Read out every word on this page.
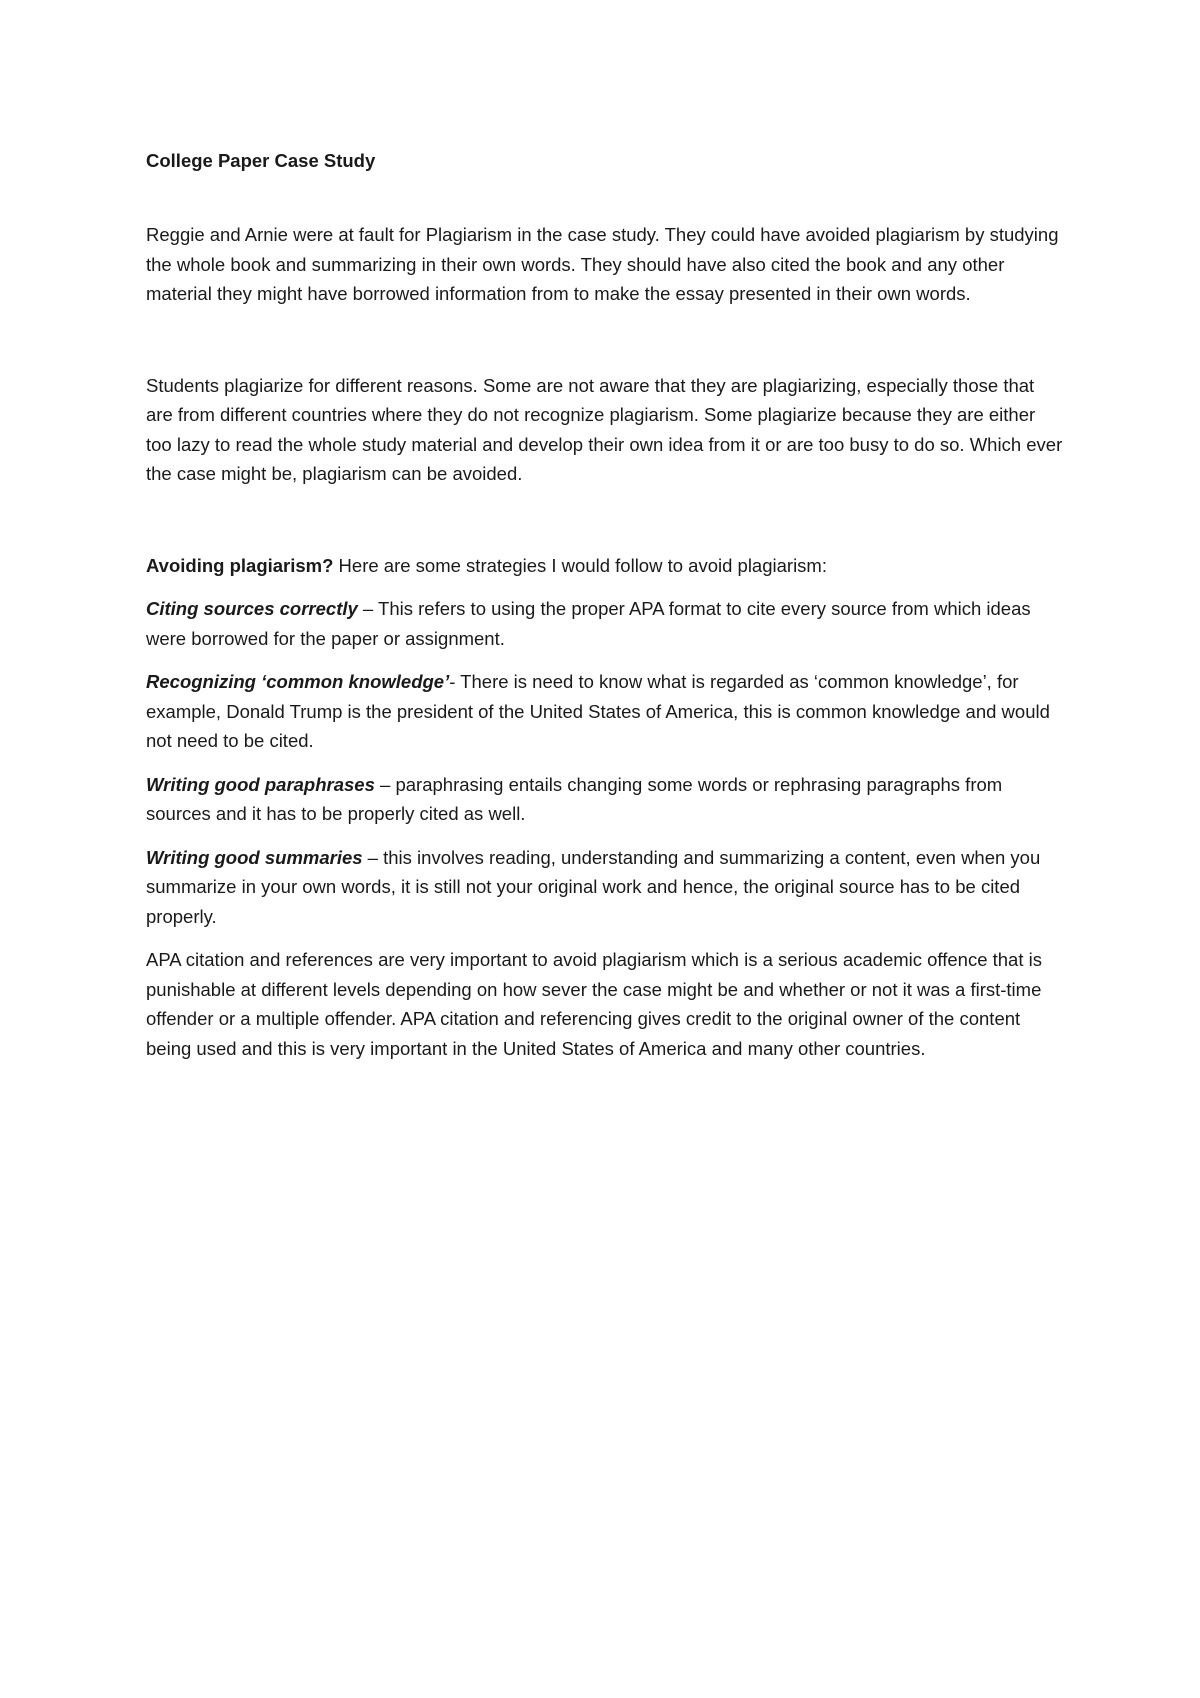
College Paper Case Study

Reggie and Arnie were at fault for Plagiarism in the case study. They could have avoided plagiarism by studying the whole book and summarizing in their own words. They should have also cited the book and any other material they might have borrowed information from to make the essay presented in their own words.

Students plagiarize for different reasons. Some are not aware that they are plagiarizing, especially those that are from different countries where they do not recognize plagiarism. Some plagiarize because they are either too lazy to read the whole study material and develop their own idea from it or are too busy to do so. Which ever the case might be, plagiarism can be avoided.

Avoiding plagiarism? Here are some strategies I would follow to avoid plagiarism:

Citing sources correctly – This refers to using the proper APA format to cite every source from which ideas were borrowed for the paper or assignment.

Recognizing ‘common knowledge’- There is need to know what is regarded as ‘common knowledge’, for example, Donald Trump is the president of the United States of America, this is common knowledge and would not need to be cited.

Writing good paraphrases – paraphrasing entails changing some words or rephrasing paragraphs from sources and it has to be properly cited as well.

Writing good summaries – this involves reading, understanding and summarizing a content, even when you summarize in your own words, it is still not your original work and hence, the original source has to be cited properly.

APA citation and references are very important to avoid plagiarism which is a serious academic offence that is punishable at different levels depending on how sever the case might be and whether or not it was a first-time offender or a multiple offender. APA citation and referencing gives credit to the original owner of the content being used and this is very important in the United States of America and many other countries.
